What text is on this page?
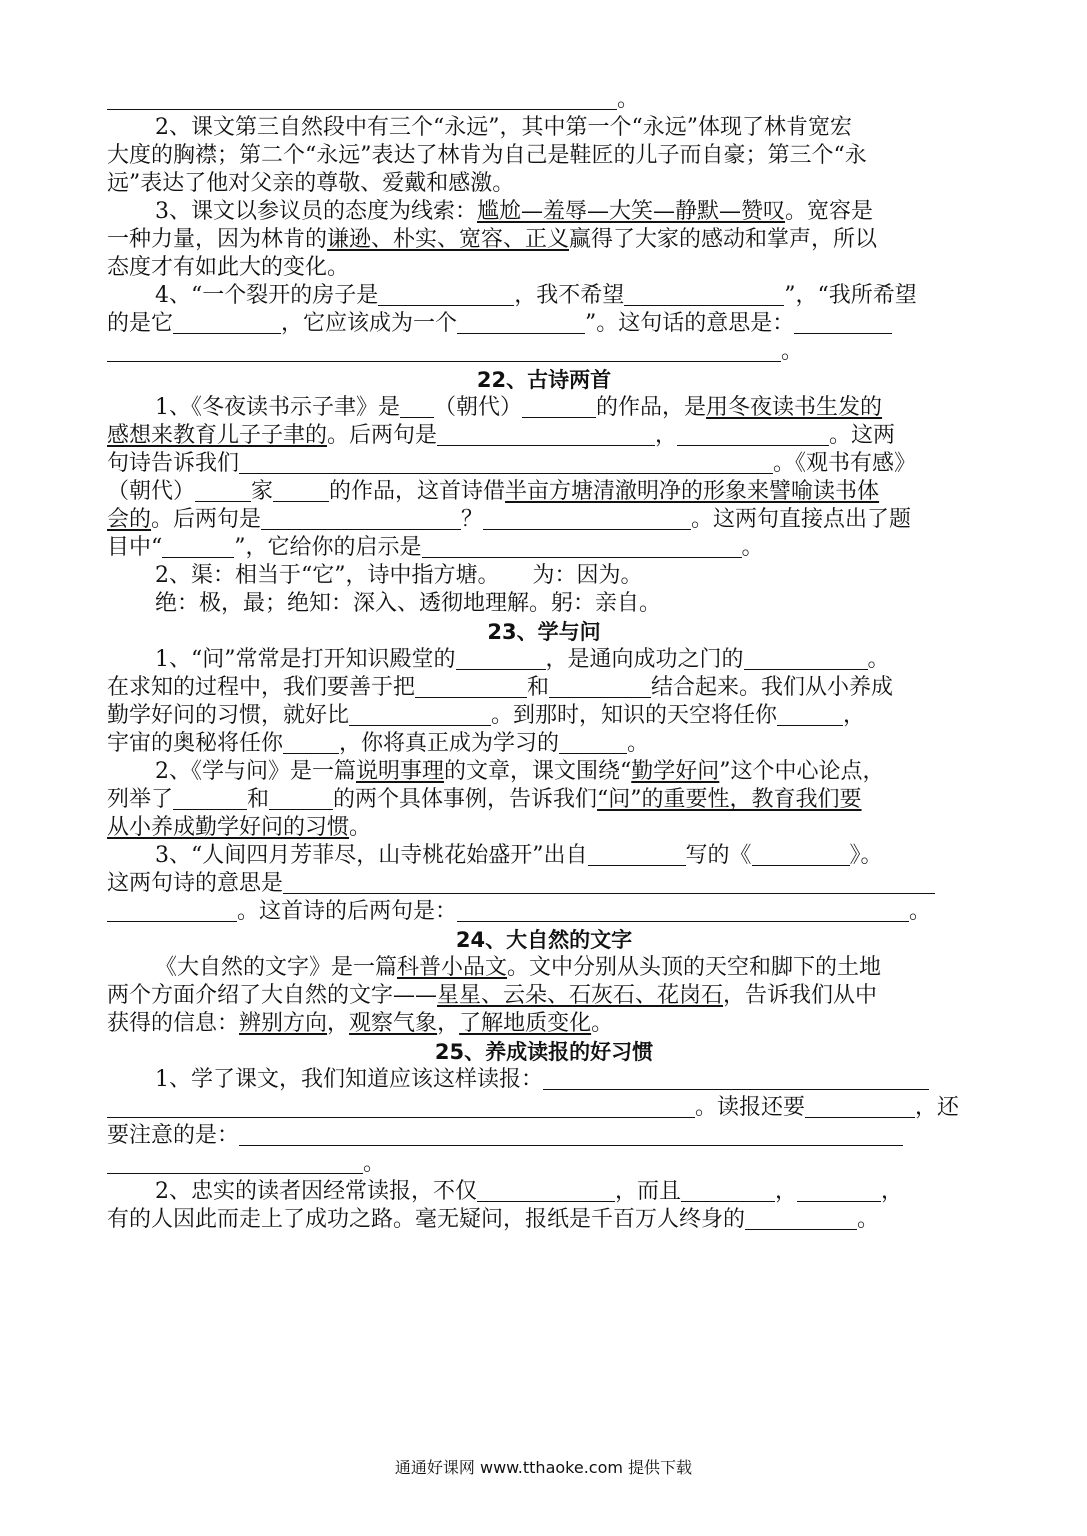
。
2、课文第三自然段中有三个“永远”，其中第一个“永远”体现了林肯宽宏
大度的胸襟；第二个“永远”表达了林肯为自己是鞋匠的儿子而自豪；第三个“永
远”表达了他对父亲的尊敬、爱戴和感激。
3、课文以参议员的态度为线索：尴尬—羞辱—大笑—静默—赞叹。宽容是
一种力量，因为林肯的谦逊、朴实、宽容、正义赢得了大家的感动和掌声，所以
态度才有如此大的变化。
4、“一个裂开的房子是	，我不希望	”，“我所希望
的是它	，它应该成为一个	”。这句话的意思是：
。
22、古诗两首
1、《冬夜读书示子聿》是 （朝代）	的作品，是用冬夜读书生发的
感想来教育儿子子聿的。后两句是	，	。这两
句诗告诉我们	。《观书有感》
（朝代）	家	的作品，这首诗借半亩方塘清澈明净的形象来譬喻读书体
会的。后两句是	？	。这两句直接点出了题
目中“	”，它给你的启示是	。
2、渠：相当于“它”，诗中指方塘。　　为：因为。
绝：极，最；绝知：深入、透彻地理解。躬：亲自。
23、学与问
1、“问”常常是打开知识殿堂的	，是通向成功之门的	。
在求知的过程中，我们要善于把	和	结合起来。我们从小养成
勤学好问的习惯，就好比	。到那时，知识的天空将任你	，
宇宙的奥秘将任你	，你将真正成为学习的	。
2、《学与问》是一篇说明事理的文章，课文围绕“勤学好问”这个中心论点，
列举了	和	的两个具体事例，告诉我们“问”的重要性，教育我们要
从小养成勤学好问的习惯。
3、“人间四月芳菲尽，山寺桃花始盛开”出自	写的《	》。
这两句诗的意思是
。这首诗的后两句是：	。
24、大自然的文字
《大自然的文字》是一篇科普小品文。文中分别从头顶的天空和脚下的土地
两个方面介绍了大自然的文字——星星、云朵、石灰石、花岗石，告诉我们从中
获得的信息：辨别方向，观察气象，了解地质变化。
25、养成读报的好习惯
1、学了课文，我们知道应该这样读报：
。读报还要	，还
要注意的是：
。
2、忠实的读者因经常读报，不仅	，而且	，	，
有的人因此而走上了成功之路。毫无疑问，报纸是千百万人终身的	。
通通好课网 www.tthaoke.com 提供下载
